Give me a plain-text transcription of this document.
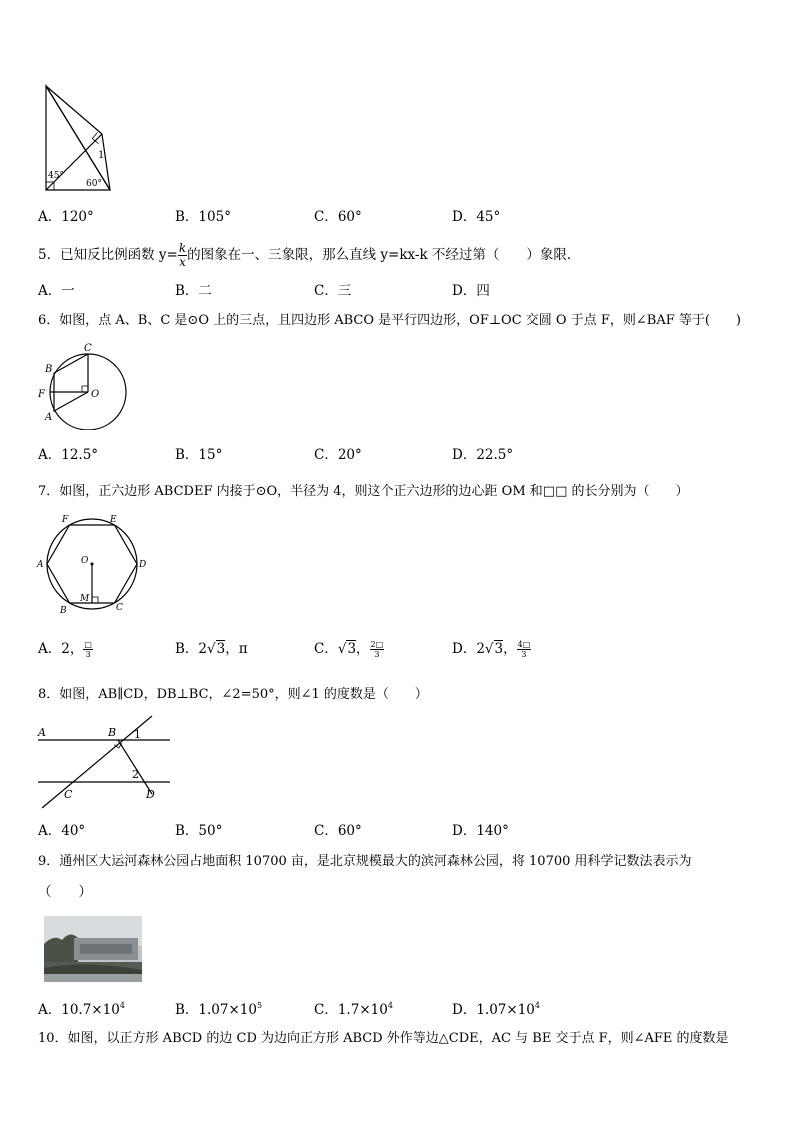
45°
60°
1
A．120°	B．105°	C．60°	D．45°
5．已知反比例函数 $y= \frac{k}{x}$ 的图象在一、三象限，那么直线 y=kx-k 不经过第（　　）象限.
A．一	B．二	C．三	D．四
6．如图，点 A、B、C 是⊙O 上的三点，且四边形 ABCO 是平行四边形，OF⊥OC 交圆 O 于点 F，则∠BAF 等于(　　)
C
B
F
A
O
A．12.5°	B．15°	C．20°	D．22.5°
7．如图，正六边形 ABCDEF 内接于⊙O，半径为 4，则这个正六边形的边心距 OM 和□□ 的长分别为（　　）
F	E
A	D
O
M
B	C
A．2， $\frac{□}{3}$	B．2√3，π	C．√3， $\frac{2□}{3}$	D．2√3， $\frac{4□}{3}$
8．如图，AB∥CD，DB⊥BC，∠2=50°，则∠1 的度数是（　　）
A	B 1
2
C	D
A．40°	B．50°	C．60°	D．140°
9．通州区大运河森林公园占地面积 10700 亩，是北京规模最大的滨河森林公园，将 10700 用科学记数法表示为
（　　）
A．$10.7\times 10^4$	B．$1.07\times 10^5$	C．$1.7\times 10^4$	D．$1.07\times 10^4$
10．如图，以正方形 ABCD 的边 CD 为边向正方形 ABCD 外作等边△CDE，AC 与 BE 交于点 F，则∠AFE 的度数是
